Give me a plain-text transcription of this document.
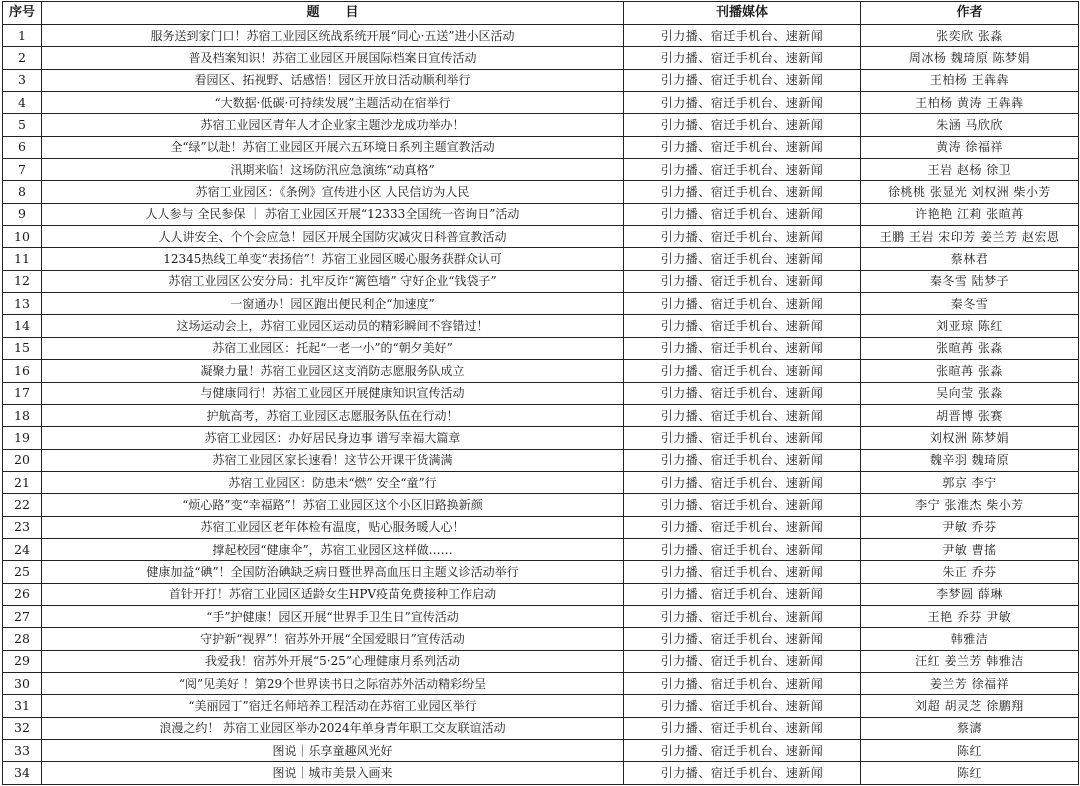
序号	题　　目	刊播媒体	作者
1	服务送到家门口！苏宿工业园区统战系统开展“同心·五送”进小区活动	引力播、宿迁手机台、速新闻	张奕欣 张淼
2	普及档案知识！苏宿工业园区开展国际档案日宣传活动	引力播、宿迁手机台、速新闻	周冰杨 魏琦原 陈梦娟
3	看园区、拓视野、话感悟！园区开放日活动顺利举行	引力播、宿迁手机台、速新闻	王柏杨 王犇犇
4	“大数据·低碳·可持续发展”主题活动在宿举行	引力播、宿迁手机台、速新闻	王柏杨 黄涛 王犇犇
5	苏宿工业园区青年人才企业家主题沙龙成功举办！	引力播、宿迁手机台、速新闻	朱涵 马欣欣
6	全“绿”以赴！苏宿工业园区开展六五环境日系列主题宣教活动	引力播、宿迁手机台、速新闻	黄涛 徐福祥
7	汛期来临！这场防汛应急演练“动真格”	引力播、宿迁手机台、速新闻	王岩 赵杨 徐卫
8	苏宿工业园区：《条例》宣传进小区 人民信访为人民	引力播、宿迁手机台、速新闻	徐桃桃 张显光 刘权洲 柴小芳
9	人人参与 全民参保 ｜ 苏宿工业园区开展“12333全国统一咨询日”活动	引力播、宿迁手机台、速新闻	许艳艳 江莉 张暄苒
10	人人讲安全、个个会应急！园区开展全国防灾减灾日科普宣教活动	引力播、宿迁手机台、速新闻	王鹏 王岩 宋印芳 姜兰芳 赵宏恩
11	12345热线工单变“表扬信”！苏宿工业园区暖心服务获群众认可	引力播、宿迁手机台、速新闻	蔡林君
12	苏宿工业园区公安分局：扎牢反诈“篱笆墙” 守好企业“钱袋子”	引力播、宿迁手机台、速新闻	秦冬雪 陆梦子
13	一窗通办！园区跑出便民利企“加速度”	引力播、宿迁手机台、速新闻	秦冬雪
14	这场运动会上，苏宿工业园区运动员的精彩瞬间不容错过！	引力播、宿迁手机台、速新闻	刘亚琼 陈红
15	苏宿工业园区：托起“一老一小”的“朝夕美好”	引力播、宿迁手机台、速新闻	张暄苒 张淼
16	凝聚力量！苏宿工业园区这支消防志愿服务队成立	引力播、宿迁手机台、速新闻	张暄苒 张淼
17	与健康同行！苏宿工业园区开展健康知识宣传活动	引力播、宿迁手机台、速新闻	吴向莹 张淼
18	护航高考，苏宿工业园区志愿服务队伍在行动！	引力播、宿迁手机台、速新闻	胡晋博 张赛
19	苏宿工业园区：办好居民身边事 谱写幸福大篇章	引力播、宿迁手机台、速新闻	刘权洲 陈梦娟
20	苏宿工业园区家长速看！这节公开课干货满满	引力播、宿迁手机台、速新闻	魏辛羽 魏琦原
21	苏宿工业园区：防患未“燃” 安全“童”行	引力播、宿迁手机台、速新闻	郭京 李宁
22	“烦心路”变“幸福路”！苏宿工业园区这个小区旧路换新颜	引力播、宿迁手机台、速新闻	李宁 张淮杰 柴小芳
23	苏宿工业园区老年体检有温度，贴心服务暖人心！	引力播、宿迁手机台、速新闻	尹敏 乔芬
24	撑起校园“健康伞”，苏宿工业园区这样做……	引力播、宿迁手机台、速新闻	尹敏 曹搖
25	健康加益“碘”！全国防治碘缺乏病日暨世界高血压日主题义诊活动举行	引力播、宿迁手机台、速新闻	朱正 乔芬
26	首针开打！苏宿工业园区适龄女生HPV疫苗免费接种工作启动	引力播、宿迁手机台、速新闻	李梦圆 薛琳
27	“手”护健康！园区开展“世界手卫生日”宣传活动	引力播、宿迁手机台、速新闻	王艳 乔芬 尹敏
28	守护新“视界”！宿苏外开展“全国爱眼日”宣传活动	引力播、宿迁手机台、速新闻	韩雅洁
29	我爱我！宿苏外开展“5·25”心理健康月系列活动	引力播、宿迁手机台、速新闻	汪红 姜兰芳 韩雅洁
30	“阅”见美好 ！第29个世界读书日之际宿苏外活动精彩纷呈	引力播、宿迁手机台、速新闻	姜兰芳 徐福祥
31	“美丽园丁”宿迁名师培养工程活动在苏宿工业园区举行	引力播、宿迁手机台、速新闻	刘超 胡灵芝 徐鹏翔
32	浪漫之约！ 苏宿工业园区举办2024年单身青年职工交友联谊活动	引力播、宿迁手机台、速新闻	蔡濤
33	图说｜乐享童趣风光好	引力播、宿迁手机台、速新闻	陈红
34	图说｜城市美景入画来	引力播、宿迁手机台、速新闻	陈红
